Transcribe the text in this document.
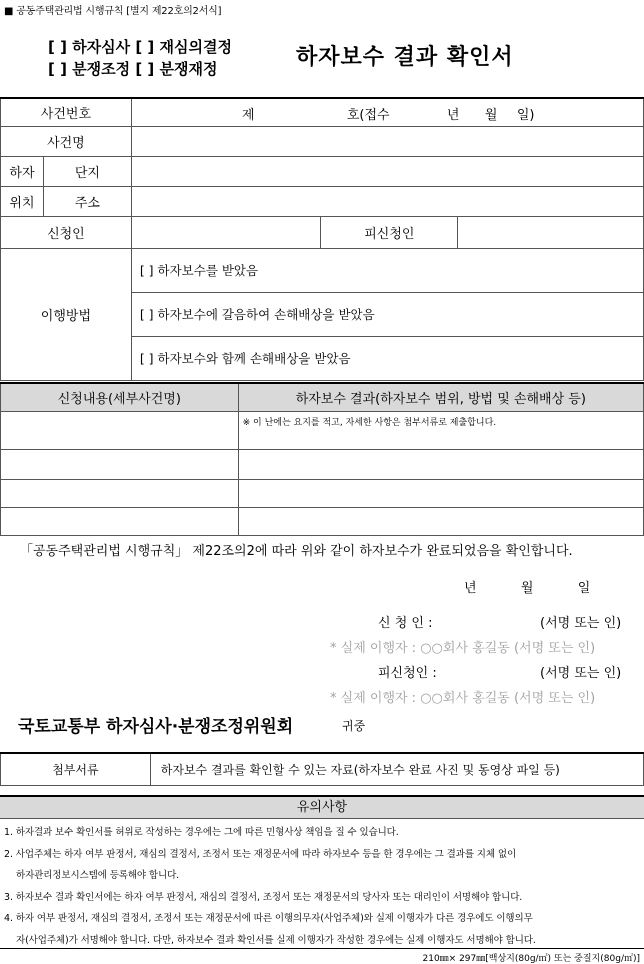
■ 공동주택관리법 시행규칙 [별지 제22호의2서식]
[ ] 하자심사 [ ] 재심의결정
[ ] 분쟁조정 [ ] 분쟁재정	하자보수 결과 확인서
사건번호		제 호(접수 년 월 일)		

사건명				
하자	단지			
위치	주소			
신청인			피신청인	
이행방법		[ ] 하자보수를 받았음		

		[ ] 하자보수에 갈음하여 손해배상을 받았음		

		[ ] 하자보수와 함께 손해배상을 받았음		
신청내용(세부사건명)	하자보수 결과(하자보수 범위, 방법 및 손해배상 등)
	※ 이 난에는 요지를 적고, 자세한 사항은 첨부서류로 제출합니다.

「공동주택관리법 시행규칙」 제22조의2에 따라 위와 같이 하자보수가 완료되었음을 확인합니다.
년	월	일
신 청 인 :	(서명 또는 인)
* 실제 이행자 : ○○회사 홍길동 (서명 또는 인)
피신청인 :	(서명 또는 인)
* 실제 이행자 : ○○회사 홍길동 (서명 또는 인)
국토교통부 하자심사·분쟁조정위원회	귀중
첨부서류	하자보수 결과를 확인할 수 있는 자료(하자보수 완료 사진 및 동영상 파일 등)
유의사항
1. 하자결과 보수 확인서를 허위로 작성하는 경우에는 그에 따른 민형사상 책임을 질 수 있습니다.
2. 사업주체는 하자 여부 판정서, 재심의 결정서, 조정서 또는 재정문서에 따라 하자보수 등을 한 경우에는 그 결과를 지체 없이
하자관리정보시스템에 등록해야 합니다.
3. 하자보수 결과 확인서에는 하자 여부 판정서, 재심의 결정서, 조정서 또는 재정문서의 당사자 또는 대리인이 서명해야 합니다.
4. 하자 여부 판정서, 재심의 결정서, 조정서 또는 재정문서에 따른 이행의무자(사업주체)와 실제 이행자가 다른 경우에도 이행의무
자(사업주체)가 서명해야 합니다. 다만, 하자보수 결과 확인서를 실제 이행자가 작성한 경우에는 실제 이행자도 서명해야 합니다.
210㎜× 297㎜[백상지(80g/㎡) 또는 중질지(80g/㎡)]
